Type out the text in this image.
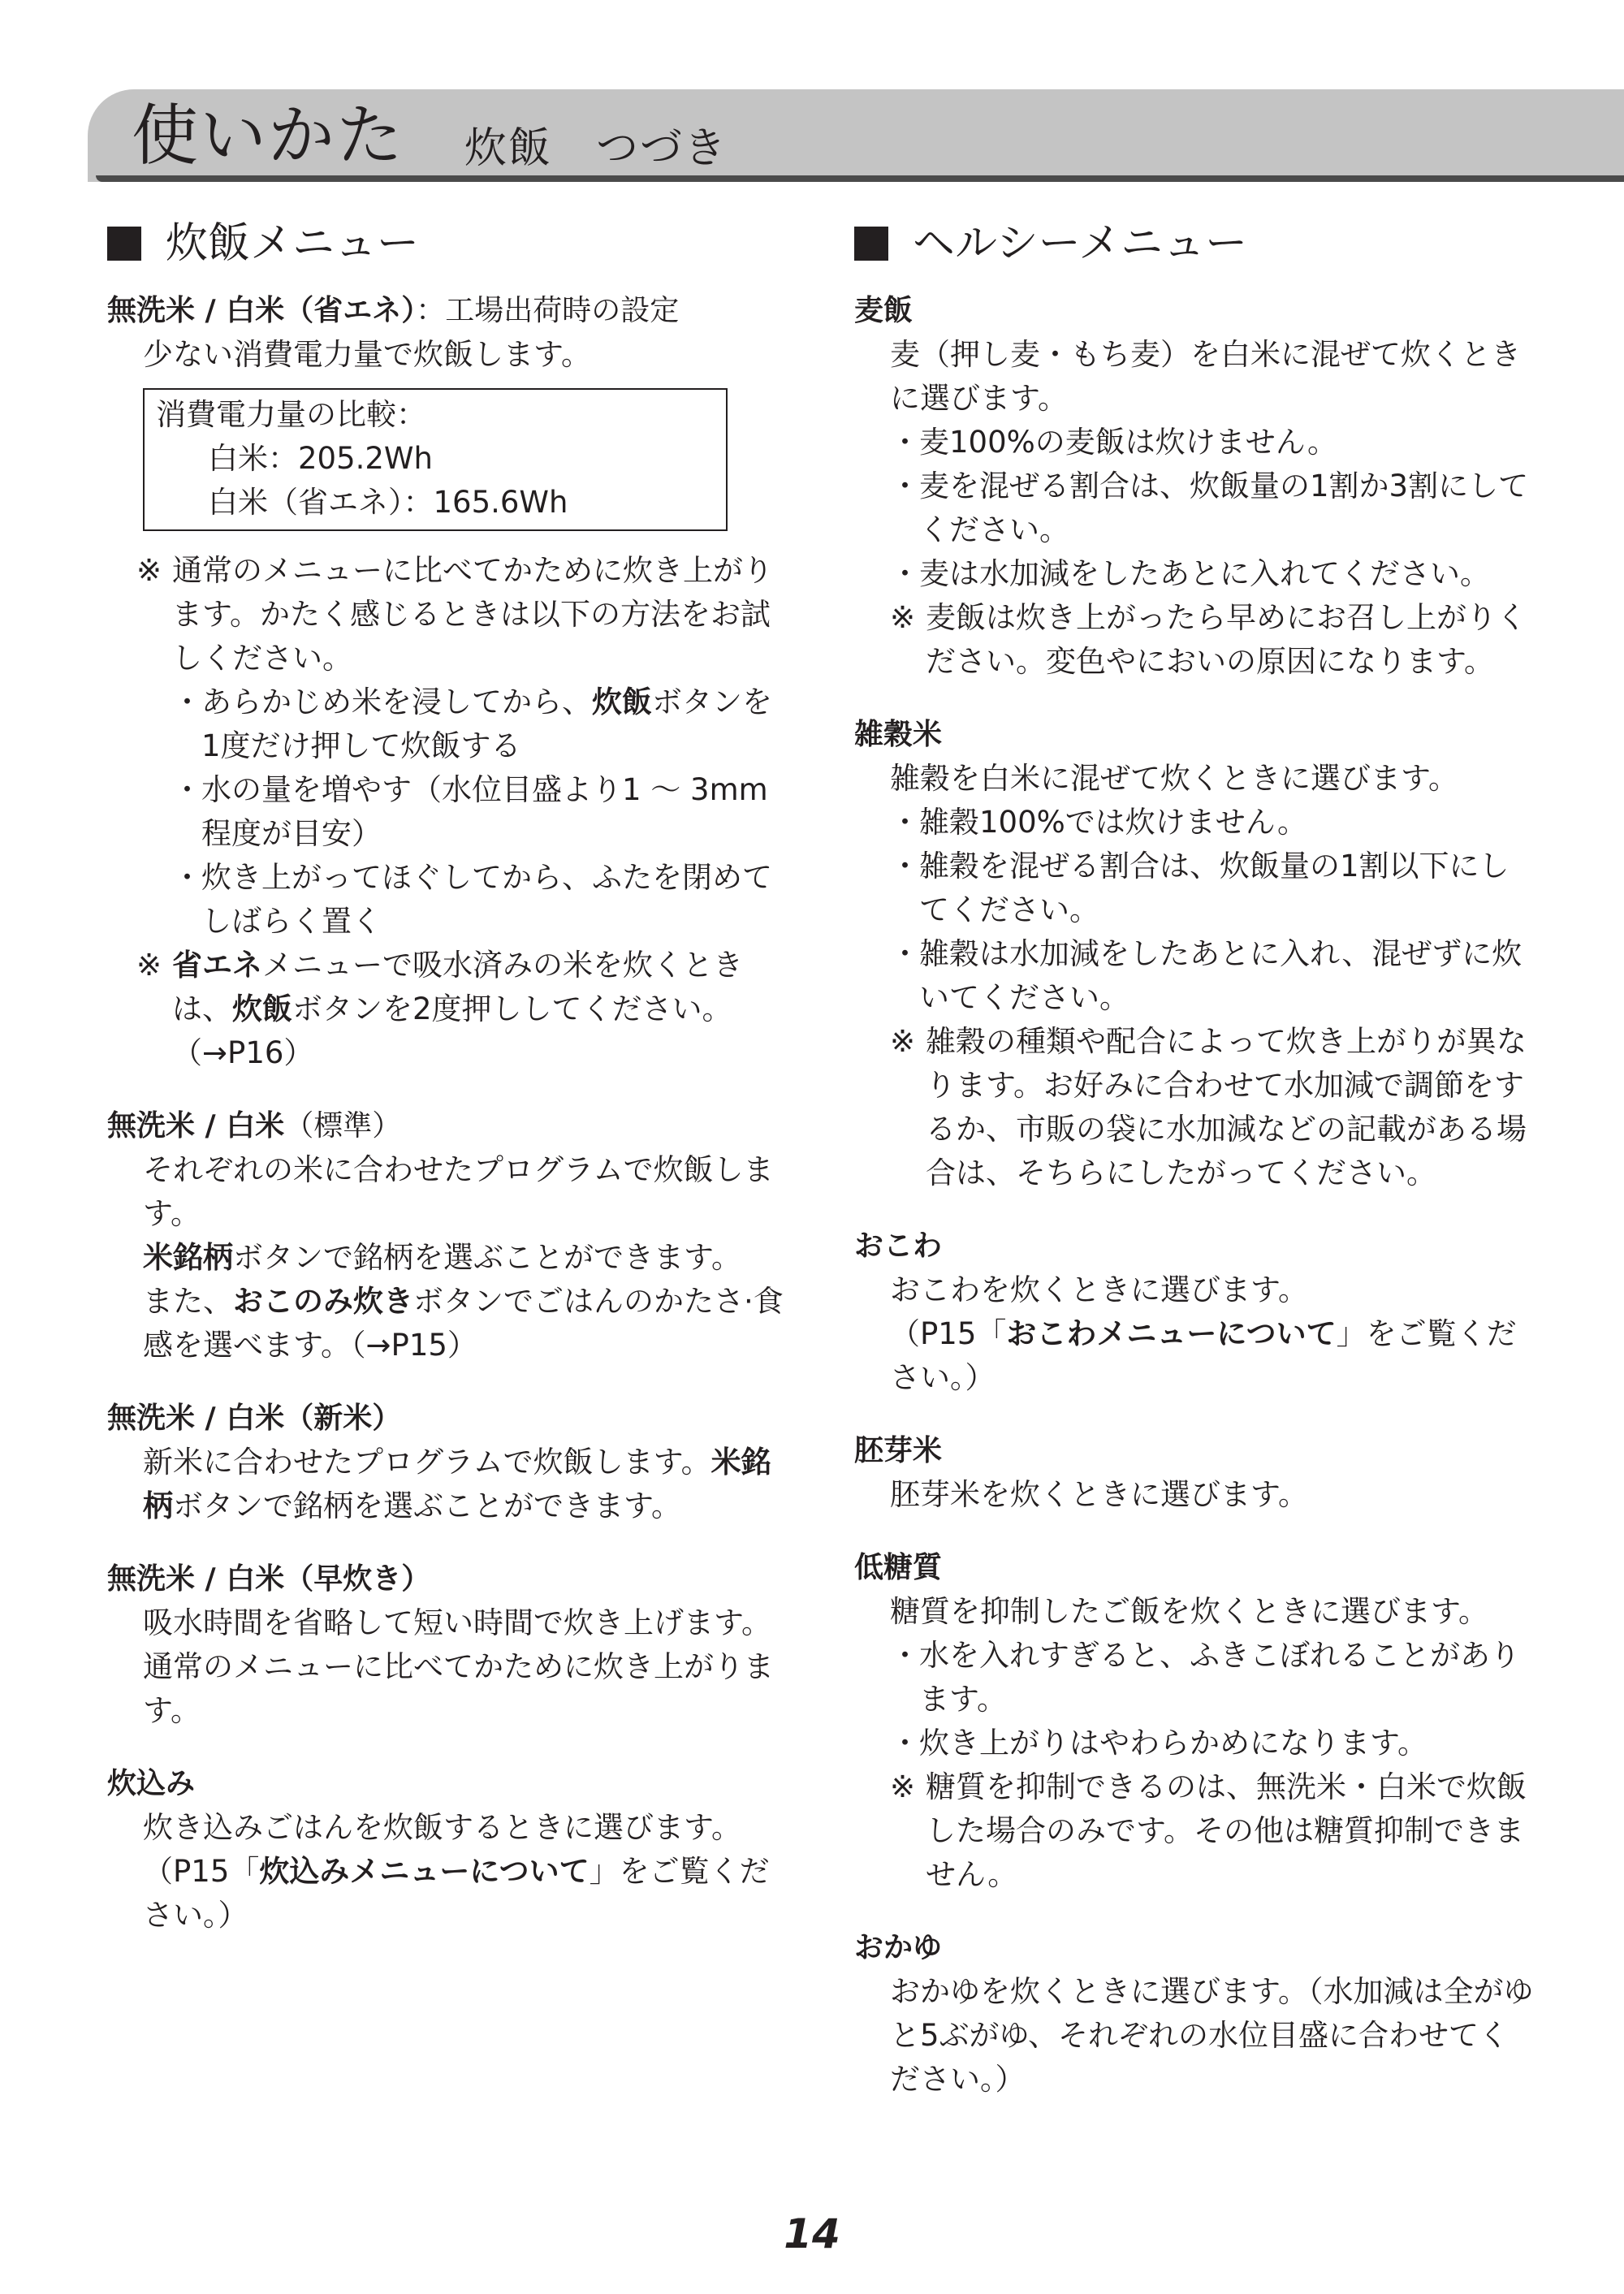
使いかた 炊飯　つづき
炊飯メニュー
無洗米 / 白米（省エネ）：工場出荷時の設定
少ない消費電力量で炊飯します。
消費電力量の比較：
白米：205.2Wh
白米（省エネ）：165.6Wh
※ 通常のメニューに比べてかために炊き上がります。かたく感じるときは以下の方法をお試しください。
・ あらかじめ米を浸してから、炊飯ボタンを1度だけ押して炊飯する
・ 水の量を増やす（水位目盛より1 ～ 3mm程度が目安）
・ 炊き上がってほぐしてから、ふたを閉めてしばらく置く
※ 省エネメニューで吸水済みの米を炊くときは、炊飯ボタンを2度押ししてください。（→P16）
無洗米 / 白米（標準）

それぞれの米に合わせたプログラムで炊飯します。

米銘柄ボタンで銘柄を選ぶことができます。

また、おこのみ炊きボタンでごはんのかたさ·食感を選べます。（→P15）

無洗米 / 白米（新米）

新米に合わせたプログラムで炊飯します。米銘柄ボタンで銘柄を選ぶことができます。

無洗米 / 白米（早炊き）
吸水時間を省略して短い時間で炊き上げます。通常のメニューに比べてかために炊き上がります。
炊込み

炊き込みごはんを炊飯するときに選びます。

（P15「炊込みメニューについて」をご覧ください。）

ヘルシーメニュー
麦飯

麦（押し麦・もち麦）を白米に混ぜて炊くときに選びます。

・ 麦100%の麦飯は炊けません。
・ 麦を混ぜる割合は、炊飯量の1割か3割にしてください。
・ 麦は水加減をしたあとに入れてください。
※ 麦飯は炊き上がったら早めにお召し上がりください。変色やにおいの原因になります。
雑穀米

雑穀を白米に混ぜて炊くときに選びます。

・ 雑穀100%では炊けません。
・ 雑穀を混ぜる割合は、炊飯量の1割以下にしてください。
・ 雑穀は水加減をしたあとに入れ、混ぜずに炊いてください。
※ 雑穀の種類や配合によって炊き上がりが異なります。お好みに合わせて水加減で調節をするか、市販の袋に水加減などの記載がある場合は、そちらにしたがってください。
おこわ

おこわを炊くときに選びます。

（P15「おこわメニューについて」をご覧ください。）

胚芽米
胚芽米を炊くときに選びます。
低糖質

糖質を抑制したご飯を炊くときに選びます。

・ 水を入れすぎると、ふきこぼれることがあります。
・ 炊き上がりはやわらかめになります。
※ 糖質を抑制できるのは、無洗米・白米で炊飯した場合のみです。その他は糖質抑制できません。
おかゆ
おかゆを炊くときに選びます。（水加減は全がゆと5ぶがゆ、それぞれの水位目盛に合わせてください。）
14
